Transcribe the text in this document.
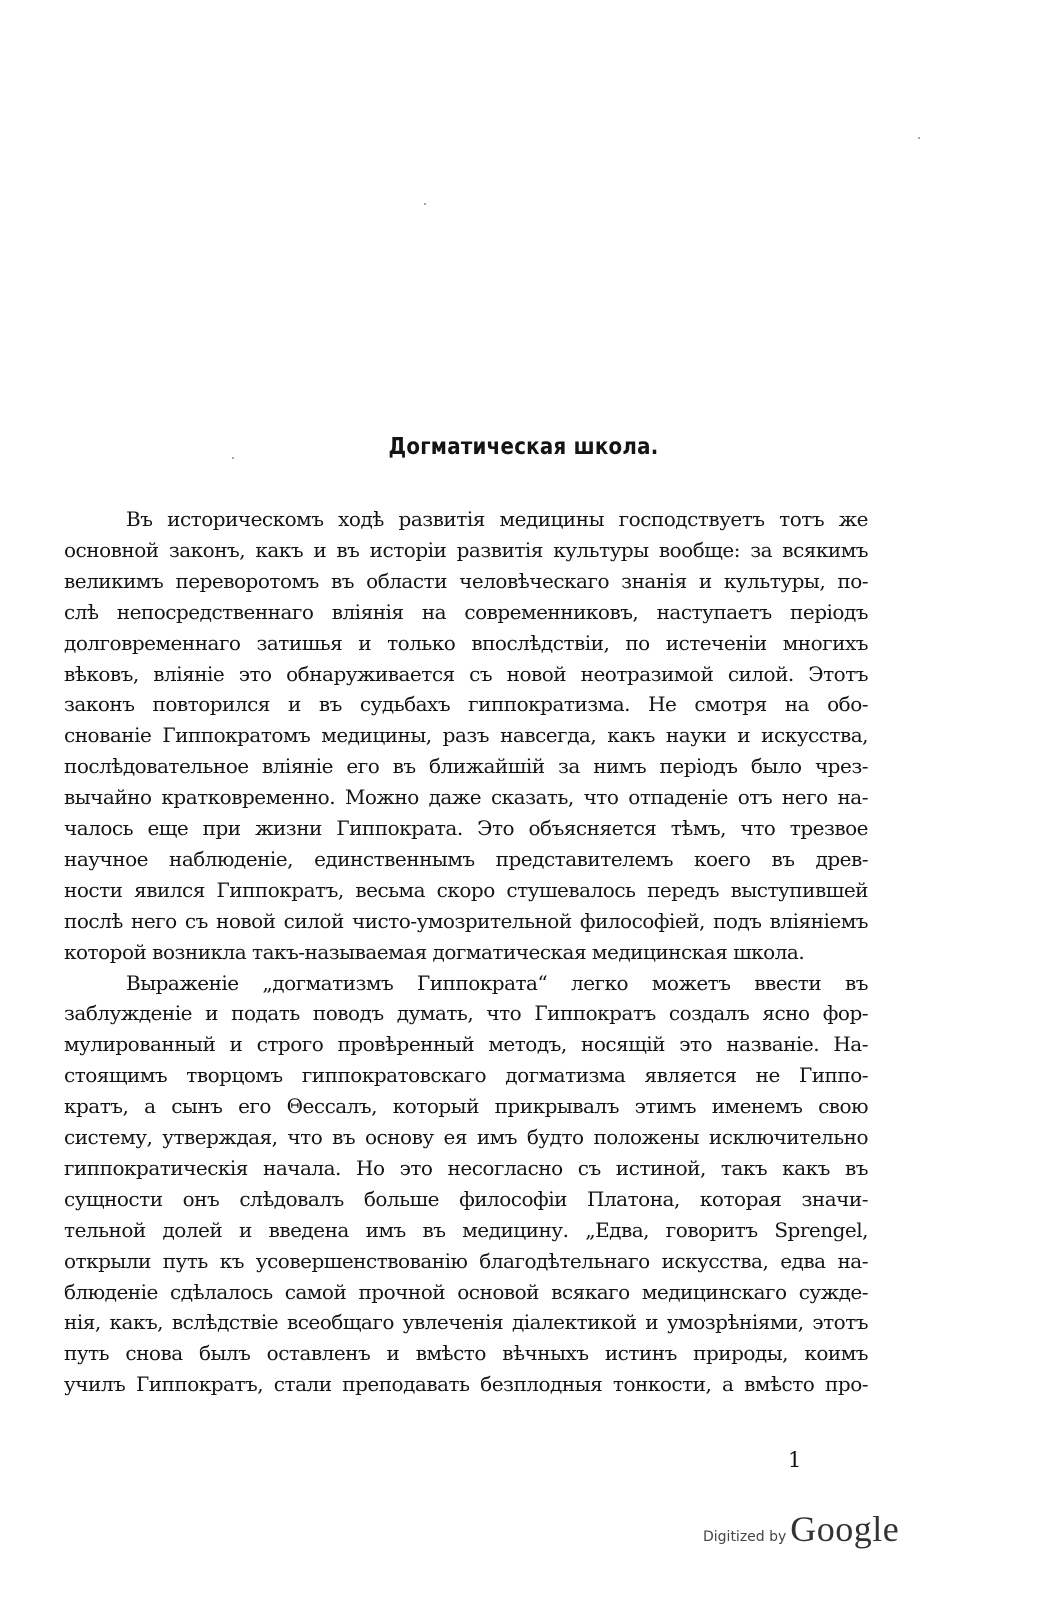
Догматическая школа.
Въ историческомъ ходѣ развитія медицины господствуетъ тотъ же
основной законъ, какъ и въ исторіи развитія культуры вообще: за всякимъ
великимъ переворотомъ въ области человѣческаго знанія и культуры, по-
слѣ непосредственнаго вліянія на современниковъ, наступаетъ періодъ
долговременнаго затишья и только впослѣдствіи, по истеченіи многихъ
вѣковъ, вліяніе это обнаруживается съ новой неотразимой силой. Этотъ
законъ повторился и въ судьбахъ гиппократизма. Не смотря на обо-
снованіе Гиппократомъ медицины, разъ навсегда, какъ науки и искусства,
послѣдовательное вліяніе его въ ближайшій за нимъ періодъ было чрез-
вычайно кратковременно. Можно даже сказать, что отпаденіе отъ него на-
чалось еще при жизни Гиппократа. Это объясняется тѣмъ, что трезвое
научное наблюденіе, единственнымъ представителемъ коего въ древ-
ности явился Гиппократъ, весьма скоро стушевалось передъ выступившей
послѣ него съ новой силой чисто-умозрительной философіей, подъ вліяніемъ
которой возникла такъ-называемая догматическая медицинская школа.
Выраженіе „догматизмъ Гиппократа“ легко можетъ ввести въ
заблужденіе и подать поводъ думать, что Гиппократъ создалъ ясно фор-
мулированный и строго провѣренный методъ, носящій это названіе. На-
стоящимъ творцомъ гиппократовскаго догматизма является не Гиппо-
кратъ, а сынъ его Θессалъ, который прикрывалъ этимъ именемъ свою
систему, утверждая, что въ основу ея имъ будто положены исключительно
гиппократическія начала. Но это несогласно съ истиной, такъ какъ въ
сущности онъ слѣдовалъ больше философіи Платона, которая значи-
тельной долей и введена имъ въ медицину. „Едва, говоритъ Sprengel,
открыли путь къ усовершенствованію благодѣтельнаго искусства, едва на-
блюденіе сдѣлалось самой прочной основой всякаго медицинскаго сужде-
нія, какъ, вслѣдствіе всеобщаго увлеченія діалектикой и умозрѣніями, этотъ
путь снова былъ оставленъ и вмѣсто вѣчныхъ истинъ природы, коимъ
училъ Гиппократъ, стали преподавать безплодныя тонкости, а вмѣсто про-
1
Digitized by Google
